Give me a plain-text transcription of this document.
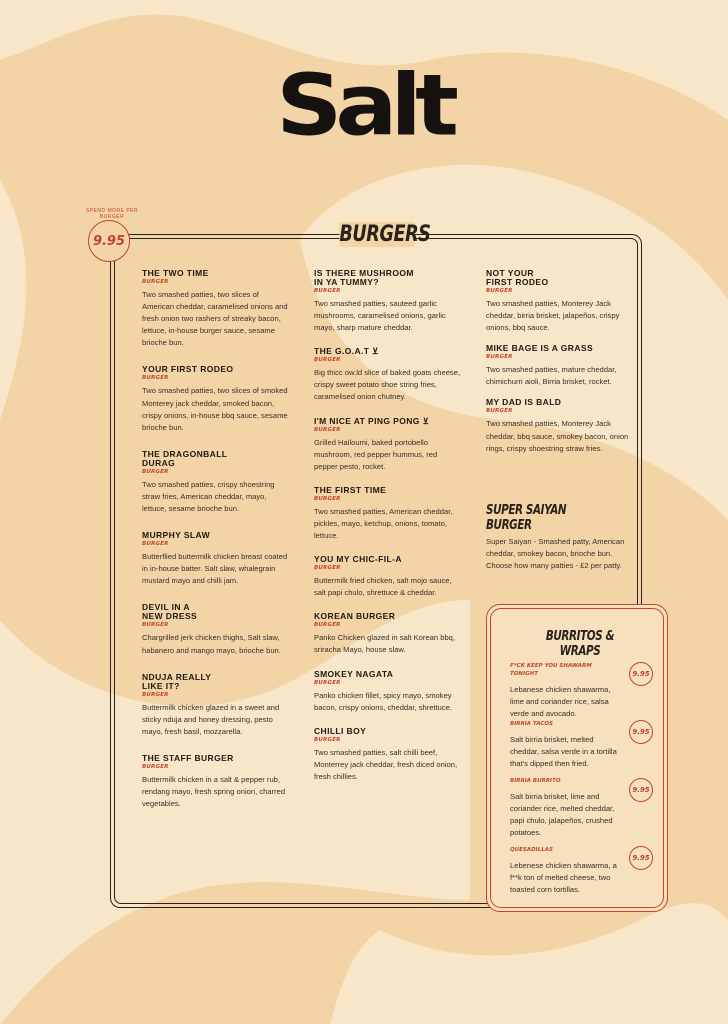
Salt
SPEND MORE PER BURGER
9.95	BURGERS
THE TWO TIME
BURGER
Two smashed patties, two slices of American cheddar, caramelised onions and fresh onion two rashers of streaky bacon, lettuce, in-house burger sauce, sesame brioche bun.
YOUR FIRST RODEO
BURGER
Two smashed patties, two slices of smoked Monterey jack cheddar, smoked bacon, crispy onions, in-house bbq sauce, sesame brioche bun.
THE DRAGONBALL
DURAG
BURGER
Two smashed patties, crispy shoestring straw fries, American cheddar, mayo, lettuce, sesame brioche bun.
MURPHY SLAW
BURGER
Butterflied buttermilk chicken breast coated in in-house batter. Salt slaw, whalegrain mustard mayo and chilli jam.
DEVIL IN A
NEW DRESS
BURGER
Chargrilled jerk chicken thighs, Salt slaw, habanero and mango mayo, brioche bun.
NDUJA REALLY
LIKE IT?
BURGER
Buttermilk chicken glazed in a sweet and sticky nduja and honey dressing, pesto mayo, fresh basil, mozzarella.
THE STAFF BURGER
BURGER
Buttermilk chicken in a salt & pepper rub, rendang mayo, fresh spring onion, charred vegetables.
IS THERE MUSHROOM
IN YA TUMMY?
BURGER
Two smashed patties, sauteed garlic mushrooms, caramelised onions, garlic mayo, sharp mature cheddar.
THE G.O.A.T ⊻
BURGER
Big thicc ow.ld slice of baked goats cheese, crispy sweet potato shoe string fries, caramelised onion chutney.
I'M NICE AT PING PONG ⊻
BURGER
Grilled Halloumi, baked portobello mushroom, red pepper hummus, red pepper pesto, rocket.
THE FIRST TIME
BURGER
Two smashed patties, American cheddar, pickles, mayo, ketchup, onions, tomato, lettuce.
YOU MY CHIC-FIL-A
BURGER
Buttermilk fried chicken, salt mojo sauce, salt papi chulo, shrettuce & cheddar.
KOREAN BURGER
BURGER
Panko Chicken glazed in salt Korean bbq, sriracha Mayo, house slaw.
SMOKEY NAGATA
BURGER
Panko chicken fillet, spicy mayo, smokey bacon, crispy onions, cheddar, shrettuce.
CHILLI BOY
BURGER
Two smashed patties, salt chilli beef, Monterrey jack cheddar, fresh diced onion, fresh chillies.
NOT YOUR
FIRST RODEO
BURGER
Two smashed patties, Monterey Jack cheddar, birria brisket, jalapeños, crispy onions, bbq sauce.
MIKE BAGE IS A GRASS
BURGER
Two smashed patties, mature cheddar, chimichurri aioli, Birria brisket, rocket.
MY DAD IS BALD
BURGER
Two smashed patties, Monterey Jack cheddar, bbq sauce, smokey bacon, onion rings, crispy shoestring straw fries.
SUPER SAIYAN BURGER
Super Saiyan - Smashed patty, American cheddar, smokey bacon, brioche bun. Choose how many patties - £2 per patty.
BURRITOS & WRAPS
F*CK KEEP YOU SHAWARM TONIGHT
Lebanese chicken shawarma, lime and coriander rice, salsa verde and avocado.
9.95
BIRRIA TACOS
Salt birria brisket, melted cheddar, salsa verde in a tortilla that's dipped then fried.
9.95
BIRRIA BURRITO
Salt birria brisket, lime and coriander rice, melted cheddar, papi chulo, jalapeños, crushed potatoes.
9.95
QUESADILLAS
Lebenese chicken shawarma, a f**k ton of melted cheese, two toasted corn tortillas.
9.95
